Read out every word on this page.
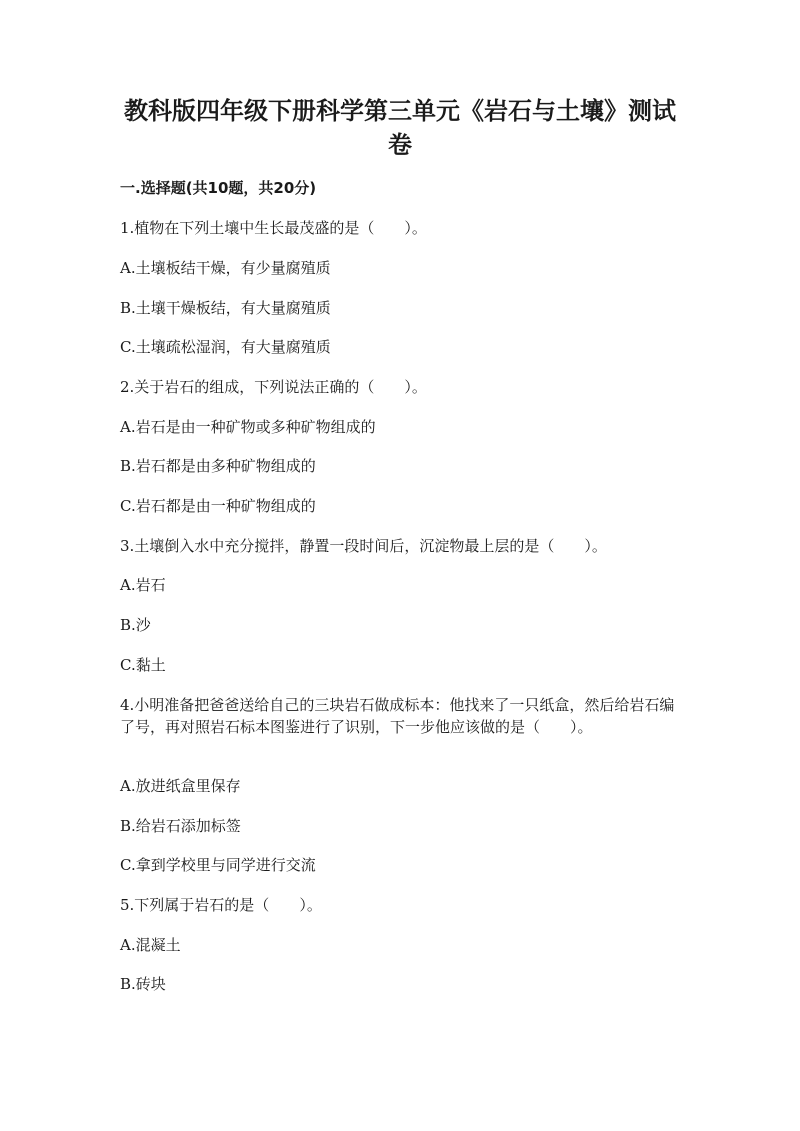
教科版四年级下册科学第三单元《岩石与土壤》测试卷
一.选择题(共10题，共20分)
1.植物在下列土壤中生长最茂盛的是（　　）。
A.土壤板结干燥，有少量腐殖质
B.土壤干燥板结，有大量腐殖质
C.土壤疏松湿润，有大量腐殖质
2.关于岩石的组成，下列说法正确的（　　）。
A.岩石是由一种矿物或多种矿物组成的
B.岩石都是由多种矿物组成的
C.岩石都是由一种矿物组成的
3.土壤倒入水中充分搅拌，静置一段时间后，沉淀物最上层的是（　　）。
A.岩石
B.沙
C.黏土
4.小明准备把爸爸送给自己的三块岩石做成标本：他找来了一只纸盒，然后给岩石编了号，再对照岩石标本图鉴进行了识别，下一步他应该做的是（　　）。
A.放进纸盒里保存
B.给岩石添加标签
C.拿到学校里与同学进行交流
5.下列属于岩石的是（　　）。
A.混凝土
B.砖块
